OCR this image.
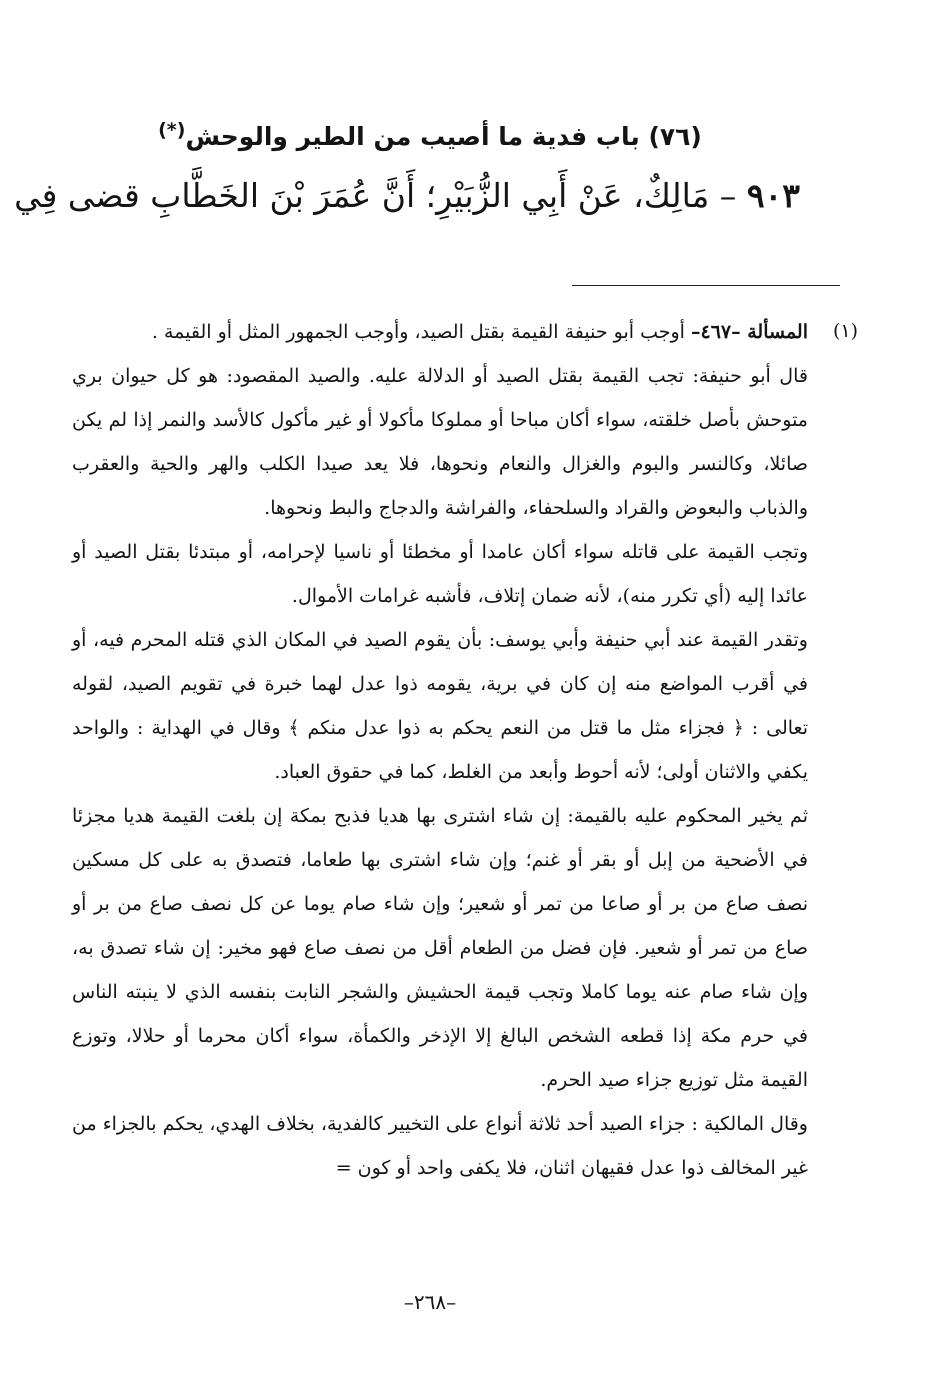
(٧٦) باب فدية ما أصيب من الطير والوحش(*)
٩٠٣ – مَالِكٌ، عَنْ أَبِي الزُّبَيْرِ؛ أَنَّ عُمَرَ بْنَ الخَطَّابِ قضى فِي
(١)

المسألة –٤٦٧– أوجب أبو حنيفة القيمة بقتل الصيد، وأوجب الجمهور المثل أو القيمة .

قال أبو حنيفة: تجب القيمة بقتل الصيد أو الدلالة عليه. والصيد المقصود: هو كل حيوان بري متوحش بأصل خلقته، سواء أكان مباحا أو مملوكا مأكولا أو غير مأكول كالأسد والنمر إذا لم يكن صائلا، وكالنسر والبوم والغزال والنعام ونحوها، فلا يعد صيدا الكلب والهر والحية والعقرب والذباب والبعوض والقراد والسلحفاء، والفراشة والدجاج والبط ونحوها.

وتجب القيمة على قاتله سواء أكان عامدا أو مخطئا أو ناسيا لإحرامه، أو مبتدئا بقتل الصيد أو عائدا إليه (أي تكرر منه)، لأنه ضمان إتلاف، فأشبه غرامات الأموال.

وتقدر القيمة عند أبي حنيفة وأبي يوسف: بأن يقوم الصيد في المكان الذي قتله المحرم فيه، أو في أقرب المواضع منه إن كان في برية، يقومه ذوا عدل لهما خبرة في تقويم الصيد، لقوله تعالى : ﴿ فجزاء مثل ما قتل من النعم يحكم به ذوا عدل منكم ﴾ وقال في الهداية : والواحد يكفي والاثنان أولى؛ لأنه أحوط وأبعد من الغلط، كما في حقوق العباد.

ثم يخير المحكوم عليه بالقيمة: إن شاء اشترى بها هديا فذبح بمكة إن بلغت القيمة هديا مجزئا في الأضحية من إبل أو بقر أو غنم؛ وإن شاء اشترى بها طعاما، فتصدق به على كل مسكين نصف صاع من بر أو صاعا من تمر أو شعير؛ وإن شاء صام يوما عن كل نصف صاع من بر أو صاع من تمر أو شعير. فإن فضل من الطعام أقل من نصف صاع فهو مخير: إن شاء تصدق به، وإن شاء صام عنه يوما كاملا وتجب قيمة الحشيش والشجر النابت بنفسه الذي لا ينبته الناس في حرم مكة إذا قطعه الشخص البالغ إلا الإذخر والكمأة، سواء أكان محرما أو حلالا، وتوزع القيمة مثل توزيع جزاء صيد الحرم.

وقال المالكية : جزاء الصيد أحد ثلاثة أنواع على التخيير كالفدية، بخلاف الهدي، يحكم بالجزاء من غير المخالف ذوا عدل فقيهان اثنان، فلا يكفى واحد أو كون =

–٢٦٨–
